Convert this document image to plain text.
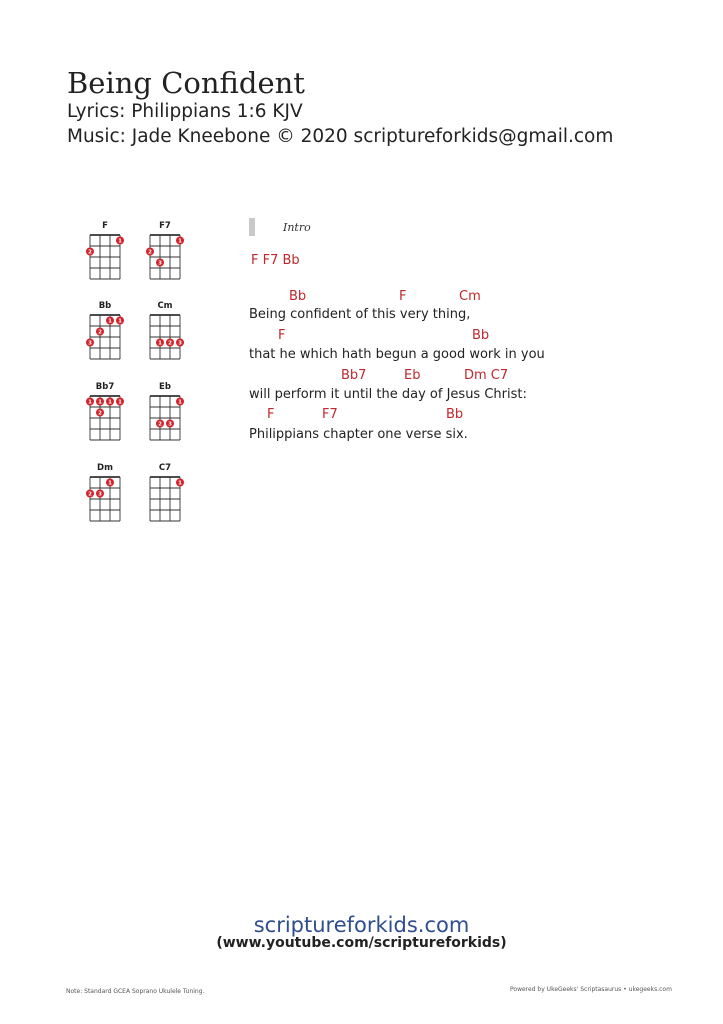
Being Confident
Lyrics: Philippians 1:6 KJV
Music: Jade Kneebone © 2020 scriptureforkids@gmail.com
F
1
2
F7
1
2
3
Bb
1 1
2
3
Cm
1 2 3
Bb7
1 1 1 1
2
Eb
1
2 3
Dm
1
2 3
C7
1
Intro
F F7 Bb
Bb	F	Cm
Being confident of this very thing,
F	Bb
that he which hath begun a good work in you
Bb7	Eb	Dm C7
will perform it until the day of Jesus Christ:
F	F7	Bb
Philippians chapter one verse six.
scriptureforkids.com
(www.youtube.com/scriptureforkids)
Note: Standard GCEA Soprano Ukulele Tuning.	Powered by UkeGeeks' Scriptasaurus • ukegeeks.com
